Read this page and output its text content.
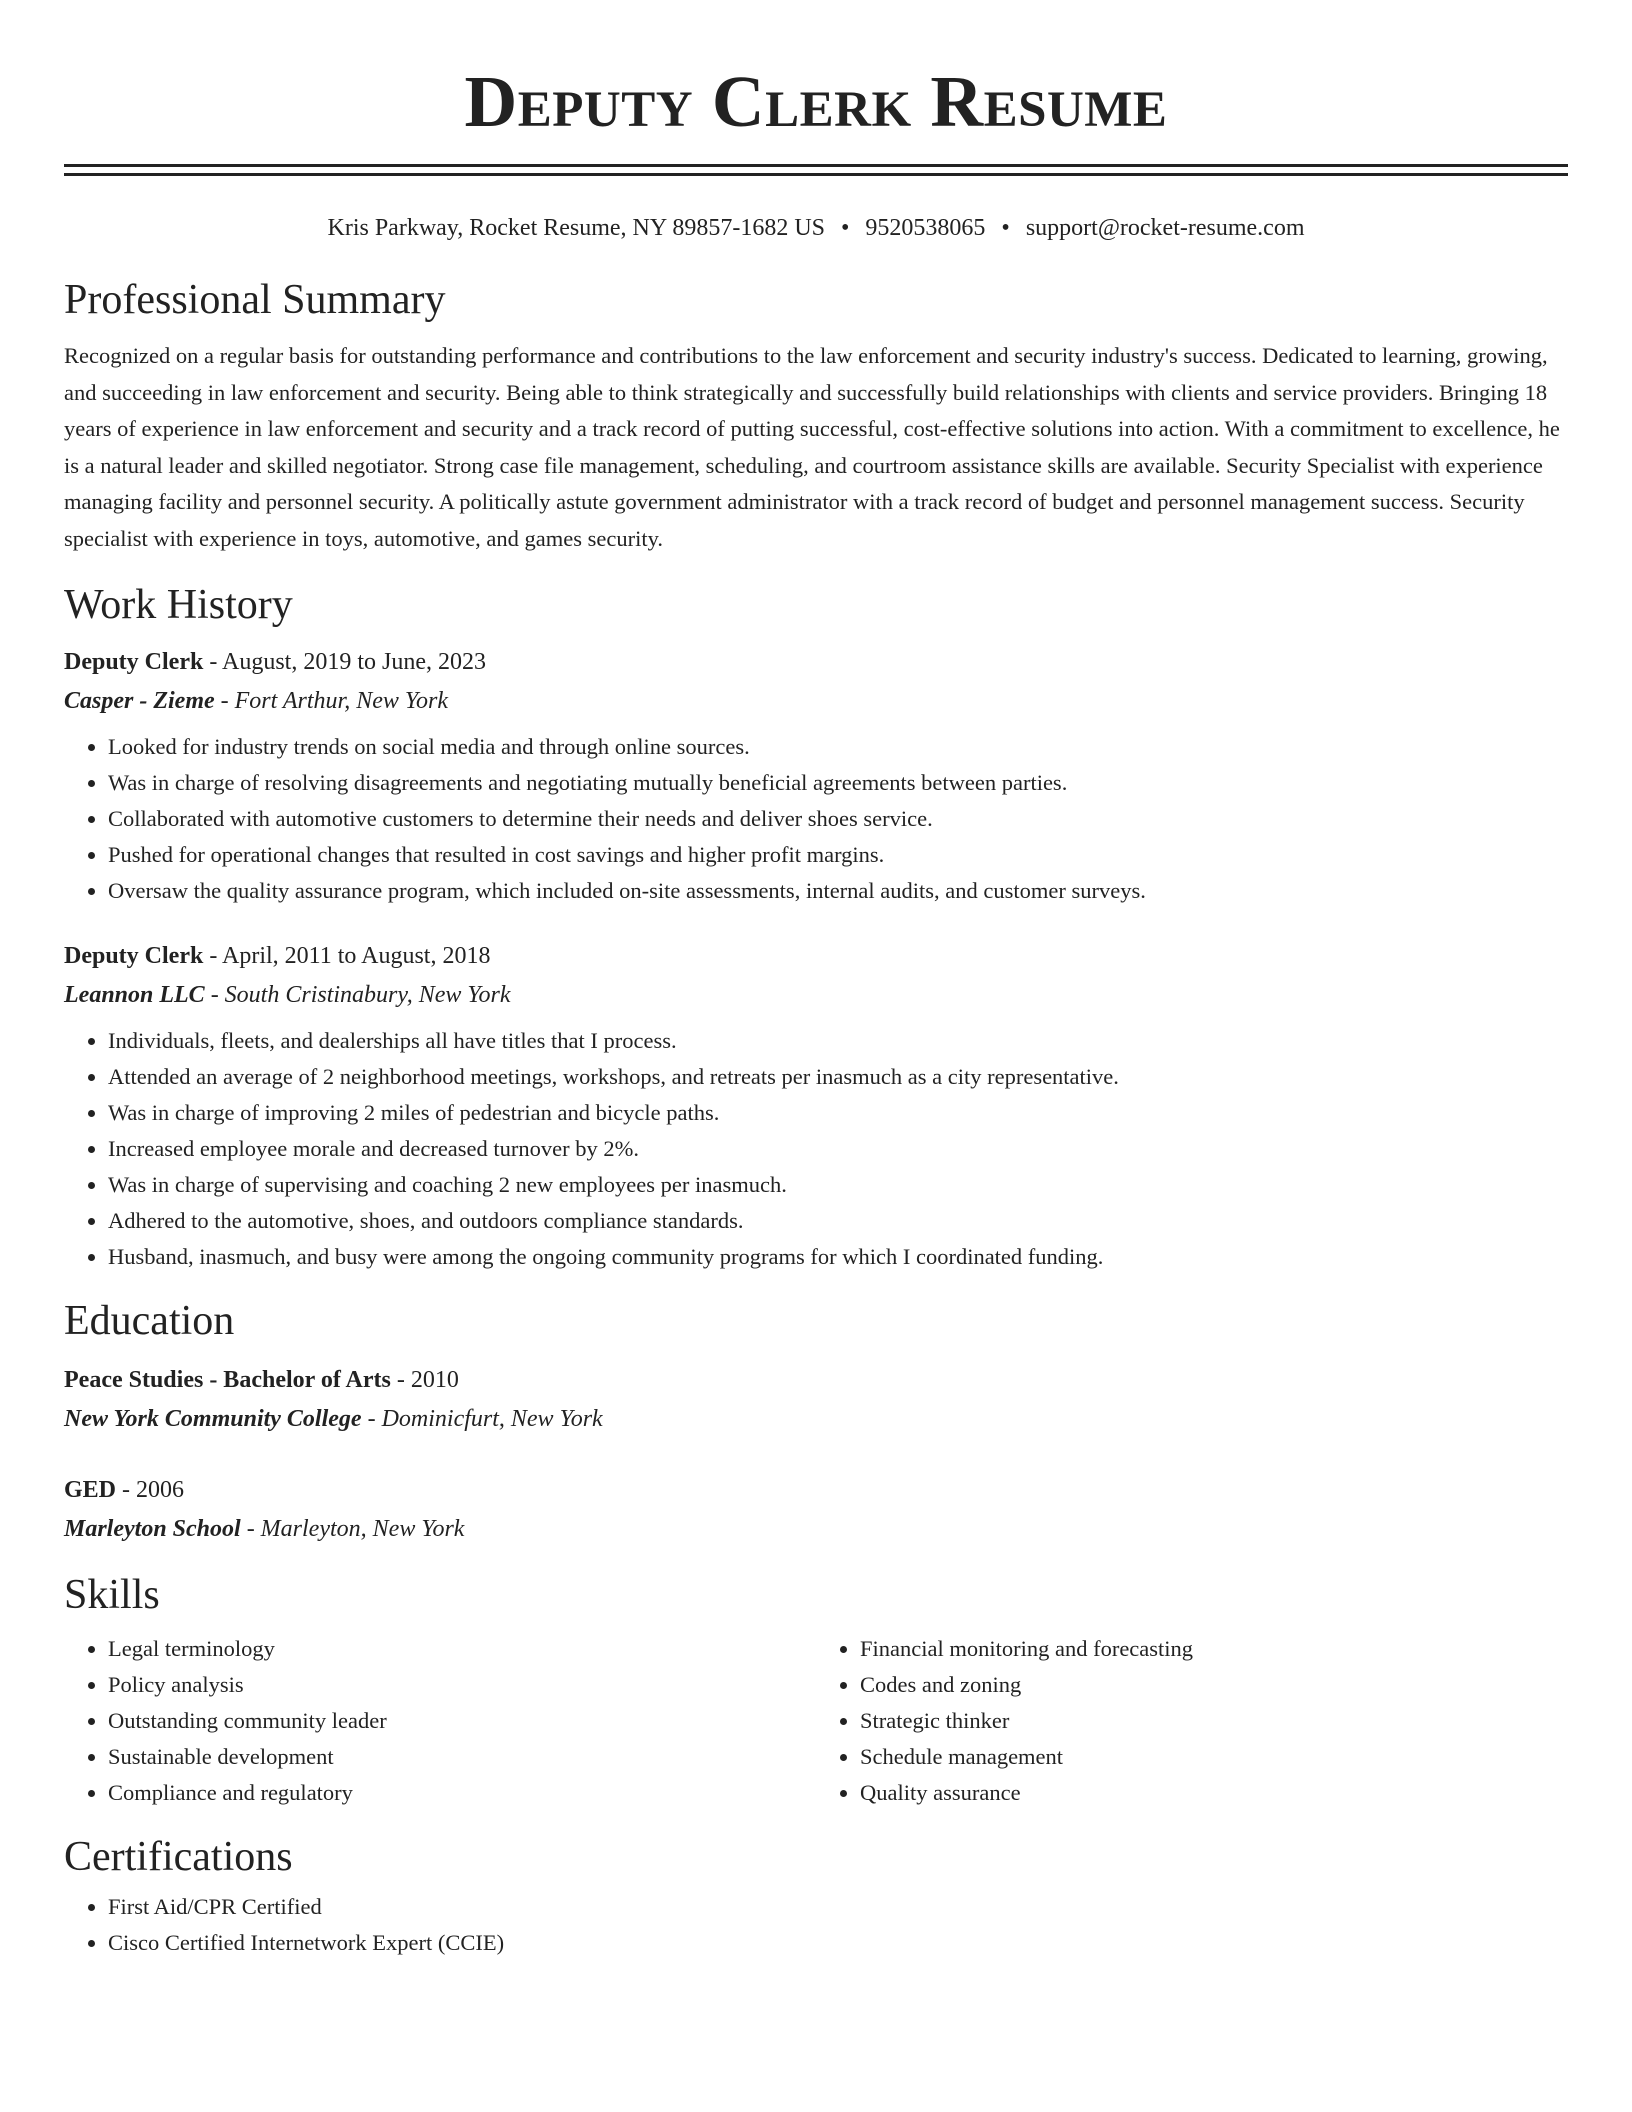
Deputy Clerk Resume
Kris Parkway, Rocket Resume, NY 89857-1682 US • 9520538065 • support@rocket-resume.com
Professional Summary

Recognized on a regular basis for outstanding performance and contributions to the law enforcement and security industry's success. Dedicated to learning, growing, and succeeding in law enforcement and security. Being able to think strategically and successfully build relationships with clients and service providers. Bringing 18 years of experience in law enforcement and security and a track record of putting successful, cost-effective solutions into action. With a commitment to excellence, he is a natural leader and skilled negotiator. Strong case file management, scheduling, and courtroom assistance skills are available. Security Specialist with experience managing facility and personnel security. A politically astute government administrator with a track record of budget and personnel management success. Security specialist with experience in toys, automotive, and games security.

Work History
Deputy Clerk - August, 2019 to June, 2023
Casper - Zieme - Fort Arthur, New York
• Looked for industry trends on social media and through online sources.
• Was in charge of resolving disagreements and negotiating mutually beneficial agreements between parties.
• Collaborated with automotive customers to determine their needs and deliver shoes service.
• Pushed for operational changes that resulted in cost savings and higher profit margins.
• Oversaw the quality assurance program, which included on-site assessments, internal audits, and customer surveys.
Deputy Clerk - April, 2011 to August, 2018
Leannon LLC - South Cristinabury, New York
• Individuals, fleets, and dealerships all have titles that I process.
• Attended an average of 2 neighborhood meetings, workshops, and retreats per inasmuch as a city representative.
• Was in charge of improving 2 miles of pedestrian and bicycle paths.
• Increased employee morale and decreased turnover by 2%.
• Was in charge of supervising and coaching 2 new employees per inasmuch.
• Adhered to the automotive, shoes, and outdoors compliance standards.
• Husband, inasmuch, and busy were among the ongoing community programs for which I coordinated funding.
Education
Peace Studies - Bachelor of Arts - 2010
New York Community College - Dominicfurt, New York
GED - 2006
Marleyton School - Marleyton, New York
Skills
• Legal terminology
• Policy analysis
• Outstanding community leader
• Sustainable development
• Compliance and regulatory
• Financial monitoring and forecasting
• Codes and zoning
• Strategic thinker
• Schedule management
• Quality assurance
Certifications
• First Aid/CPR Certified
• Cisco Certified Internetwork Expert (CCIE)
